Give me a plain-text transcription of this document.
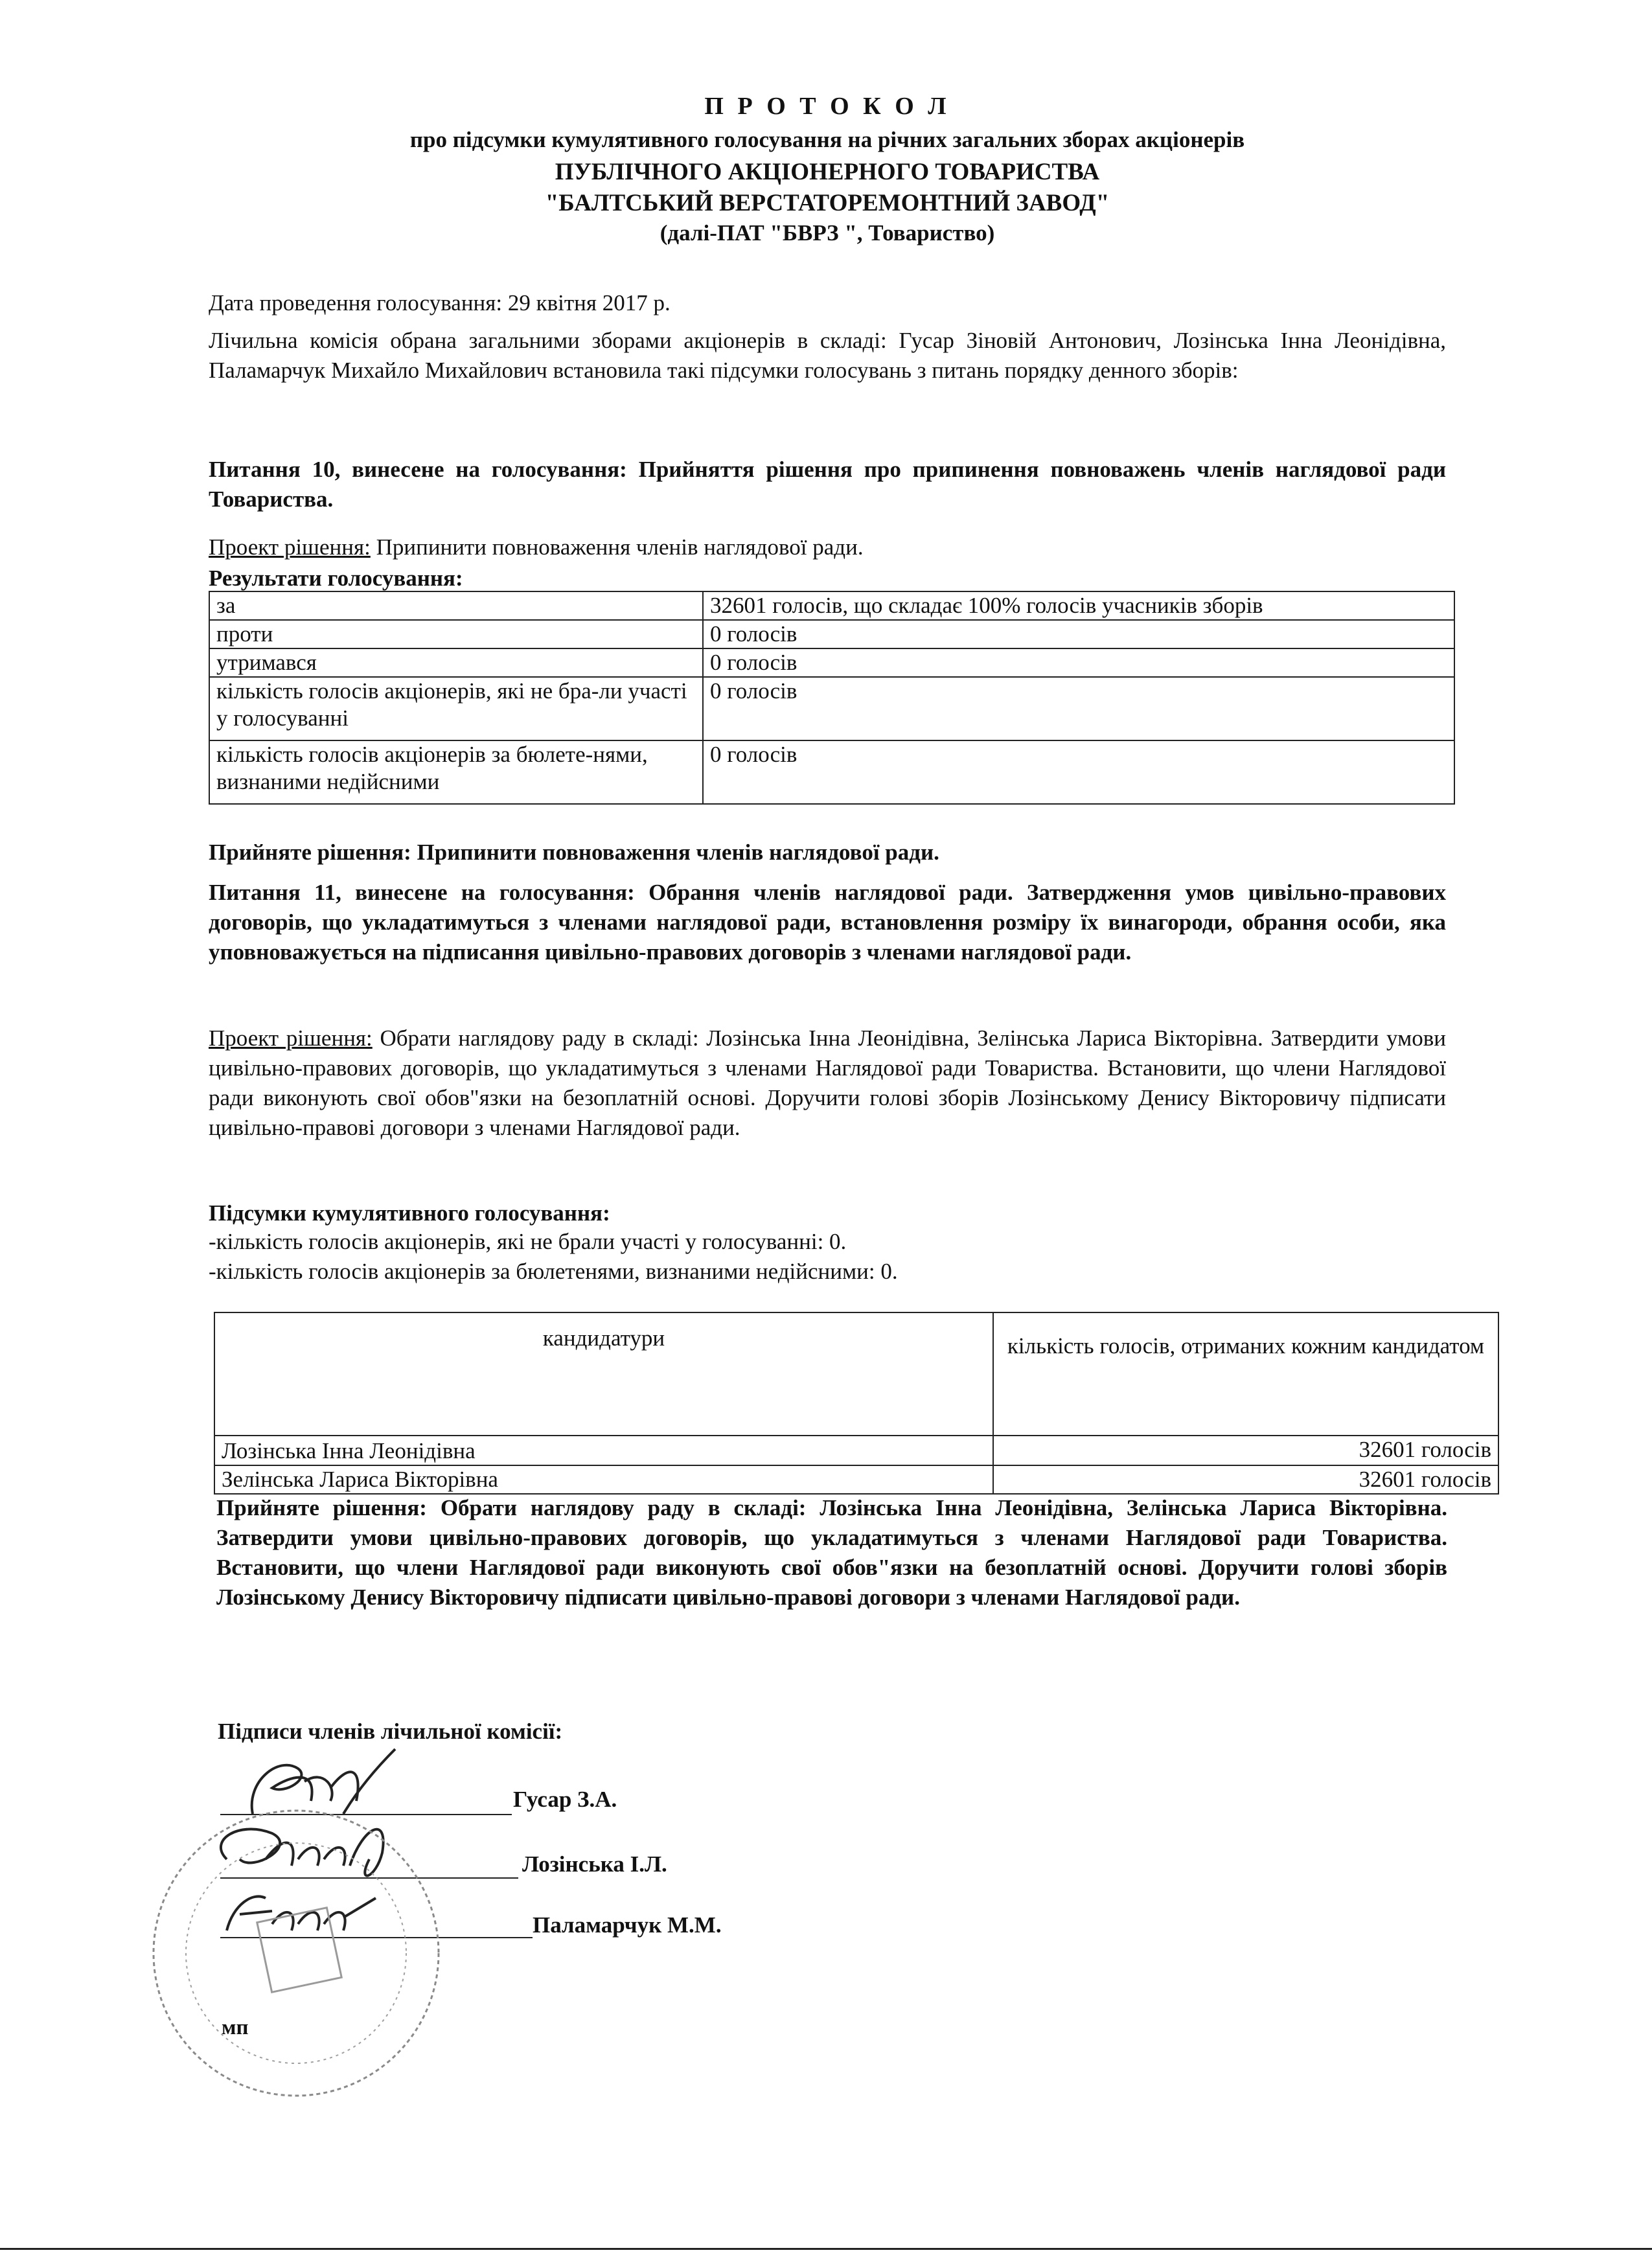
П Р О Т О К О Л

про підсумки кумулятивного голосування на річних загальних зборах акціонерів

ПУБЛІЧНОГО АКЦІОНЕРНОГО ТОВАРИСТВА

"БАЛТСЬКИЙ ВЕРСТАТОРЕМОНТНИЙ ЗАВОД"

(далі-ПАТ "БВРЗ ", Товариство)

Дата проведення голосування: 29 квітня 2017 р.

Лічильна комісія обрана загальними зборами акціонерів в складі: Гусар Зіновій Антонович, Лозінська Інна Леонідівна, Паламарчук Михайло Михайлович встановила такі підсумки голосувань з питань порядку денного зборів:

Питання 10, винесене на голосування: Прийняття рішення про припинення повноважень членів наглядової ради Товариства.

Проект рішення: Припинити повноваження членів наглядової ради.

Результати голосування:

за	32601 голосів, що складає 100% голосів учасників зборів
проти	0 голосів
утримався	0 голосів
кількість голосів акціонерів, які не бра-ли участі у голосуванні	0 голосів
кількість голосів акціонерів за бюлете-нями, визнаними недійсними	0 голосів

Прийняте рішення: Припинити повноваження членів наглядової ради.

Питання 11, винесене на голосування: Обрання членів наглядової ради. Затвердження умов цивільно-правових договорів, що укладатимуться з членами наглядової ради, встановлення розміру їх винагороди, обрання особи, яка уповноважується на підписання цивільно-правових договорів з членами наглядової ради.

Проект рішення: Обрати наглядову раду в складі: Лозінська Інна Леонідівна, Зелінська Лариса Вікторівна. Затвердити умови цивільно-правових договорів, що укладатимуться з членами Наглядової ради Товариства. Встановити, що члени Наглядової ради виконують свої обов"язки на безоплатній основі. Доручити голові зборів Лозінському Денису Вікторовичу підписати цивільно-правові договори з членами Наглядової ради.

Підсумки кумулятивного голосування:

-кількість голосів акціонерів, які не брали участі у голосуванні: 0.

-кількість голосів акціонерів за бюлетенями, визнаними недійсними: 0.

кандидатури	кількість голосів, отриманих кожним кандидатом
Лозінська Інна Леонідівна	32601 голосів
Зелінська Лариса Вікторівна	32601 голосів

Прийняте рішення: Обрати наглядову раду в складі: Лозінська Інна Леонідівна, Зелінська Лариса Вікторівна. Затвердити умови цивільно-правових договорів, що укладатимуться з членами Наглядової ради Товариства. Встановити, що члени Наглядової ради виконують свої обов"язки на безоплатній основі. Доручити голові зборів Лозінському Денису Вікторовичу підписати цивільно-правові договори з членами Наглядової ради.

Підписи членів лічильної комісії:

Гусар З.А.
Лозінська І.Л.
Паламарчук М.М.
мп
